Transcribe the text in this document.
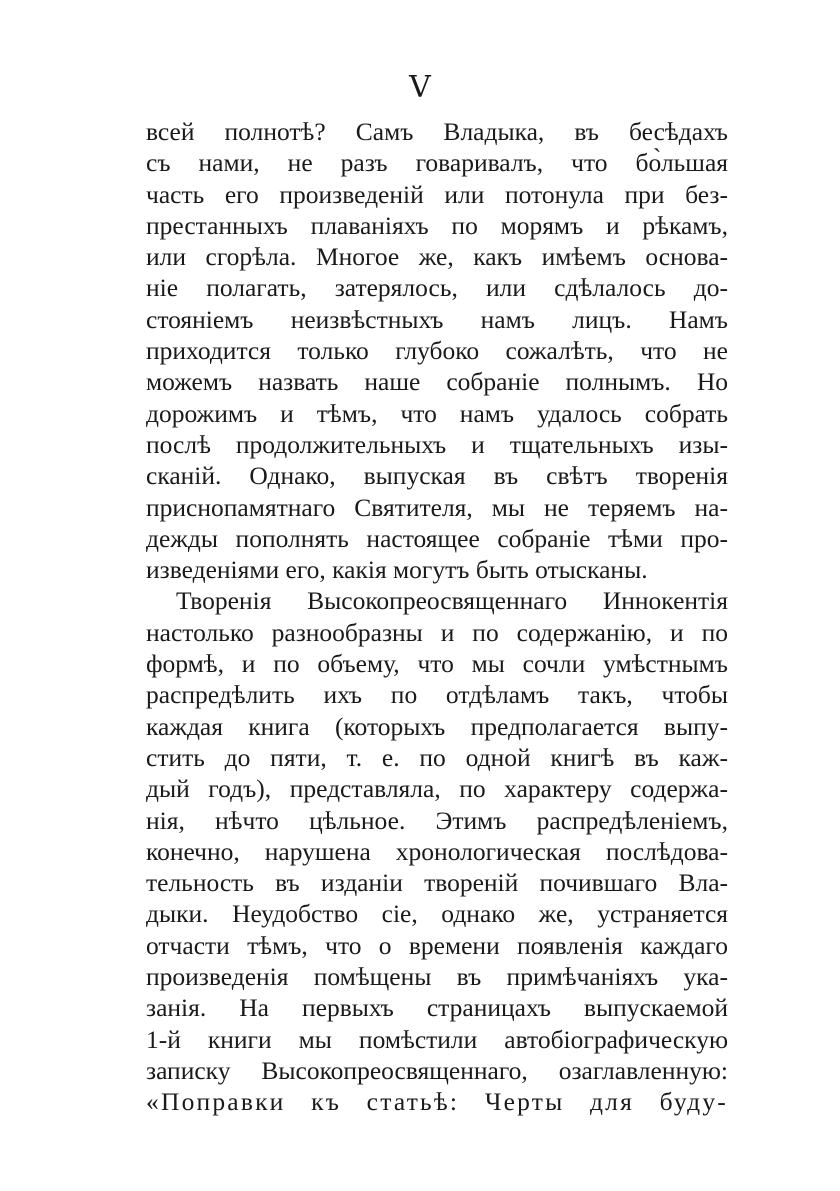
V
всей полнотѣ? Самъ Владыка, въ бесѣдахъ
съ нами, не разъ говаривалъ, что бо̀льшая
часть его произведеній или потонула при без-
престанныхъ плаваніяхъ по морямъ и рѣкамъ,
или сгорѣла. Многое же, какъ имѣемъ основа-
ніе полагать, затерялось, или сдѣлалось до-
стояніемъ неизвѣстныхъ намъ лицъ. Намъ
приходится только глубоко сожалѣть, что не
можемъ назвать наше собраніе полнымъ. Но
дорожимъ и тѣмъ, что намъ удалось собрать
послѣ продолжительныхъ и тщательныхъ изы-
сканій. Однако, выпуская въ свѣтъ творенія
приснопамятнаго Святителя, мы не теряемъ на-
дежды пополнять настоящее собраніе тѣми про-
изведеніями его, какія могутъ быть отысканы.
Творенія Высокопреосвященнаго Иннокентія
настолько разнообразны и по содержанію, и по
формѣ, и по объему, что мы сочли умѣстнымъ
распредѣлить ихъ по отдѣламъ такъ, чтобы
каждая книга (которыхъ предполагается выпу-
стить до пяти, т. е. по одной книгѣ въ каж-
дый годъ), представляла, по характеру содержа-
нія, нѣчто цѣльное. Этимъ распредѣленіемъ,
конечно, нарушена хронологическая послѣдова-
тельность въ изданіи твореній почившаго Вла-
дыки. Неудобство сіе, однако же, устраняется
отчасти тѣмъ, что о времени появленія каждаго
произведенія помѣщены въ примѣчаніяхъ ука-
занія. На первыхъ страницахъ выпускаемой
1-й книги мы помѣстили автобіографическую
записку Высокопреосвященнаго, озаглавленную:
«Поправки къ статьѣ: Черты для буду-
